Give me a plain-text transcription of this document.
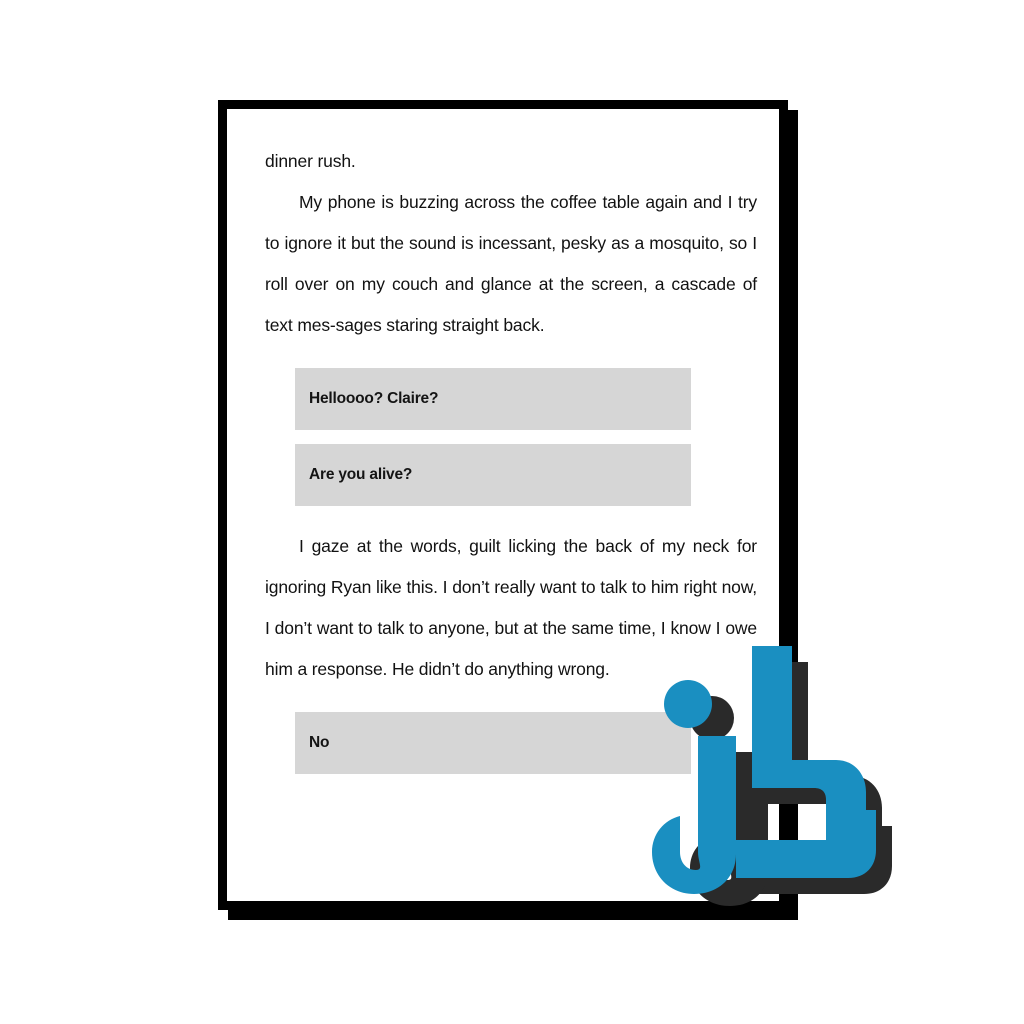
dinner rush.

My phone is buzzing across the coffee table again and I try to ignore it but the sound is incessant, pesky as a mosquito, so I roll over on my couch and glance at the screen, a cascade of text mes-sages staring straight back.

Helloooo? Claire?
Are you alive?

I gaze at the words, guilt licking the back of my neck for ignoring Ryan like this. I don’t really want to talk to him right now, I don’t want to talk to anyone, but at the same time, I know I owe him a response. He didn’t do anything wrong.

No
